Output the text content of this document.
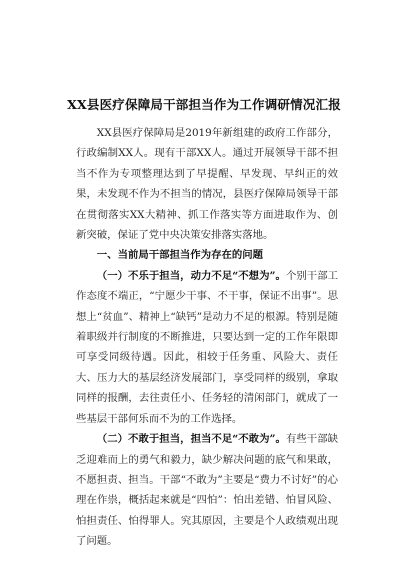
XX县医疗保障局干部担当作为工作调研情况汇报

XX县医疗保障局是2019年新组建的政府工作部分，行政编制XX人。现有干部XX人。通过开展领导干部不担当不作为专项整理达到了早提醒、早发现、早纠正的效果，未发现不作为不担当的情况，县医疗保障局领导干部在贯彻落实XX大精神、抓工作落实等方面进取作为、创新突破，保证了党中央决策安排落实落地。

一、当前局干部担当作为存在的问题

（一）不乐于担当，动力不足“不想为”。个别干部工作态度不端正，“宁愿少干事、不干事，保证不出事”。思想上“贫血”、精神上“缺钙”是动力不足的根源。特别是随着职级并行制度的不断推进，只要达到一定的工作年限即可享受同级待遇。因此，相较于任务重、风险大、责任大、压力大的基层经济发展部门，享受同样的级别，拿取同样的报酬，去往责任小、任务轻的清闲部门，就成了一些基层干部何乐而不为的工作选择。

（二）不敢于担当，担当不足“不敢为”。有些干部缺乏迎难而上的勇气和毅力，缺少解决问题的底气和果敢，不愿担责、担当。干部“不敢为”主要是“费力不讨好”的心理在作祟，概括起来就是“四怕”：怕出差错、怕冒风险、怕担责任、怕得罪人。究其原因，主要是个人政绩观出现了问题。
